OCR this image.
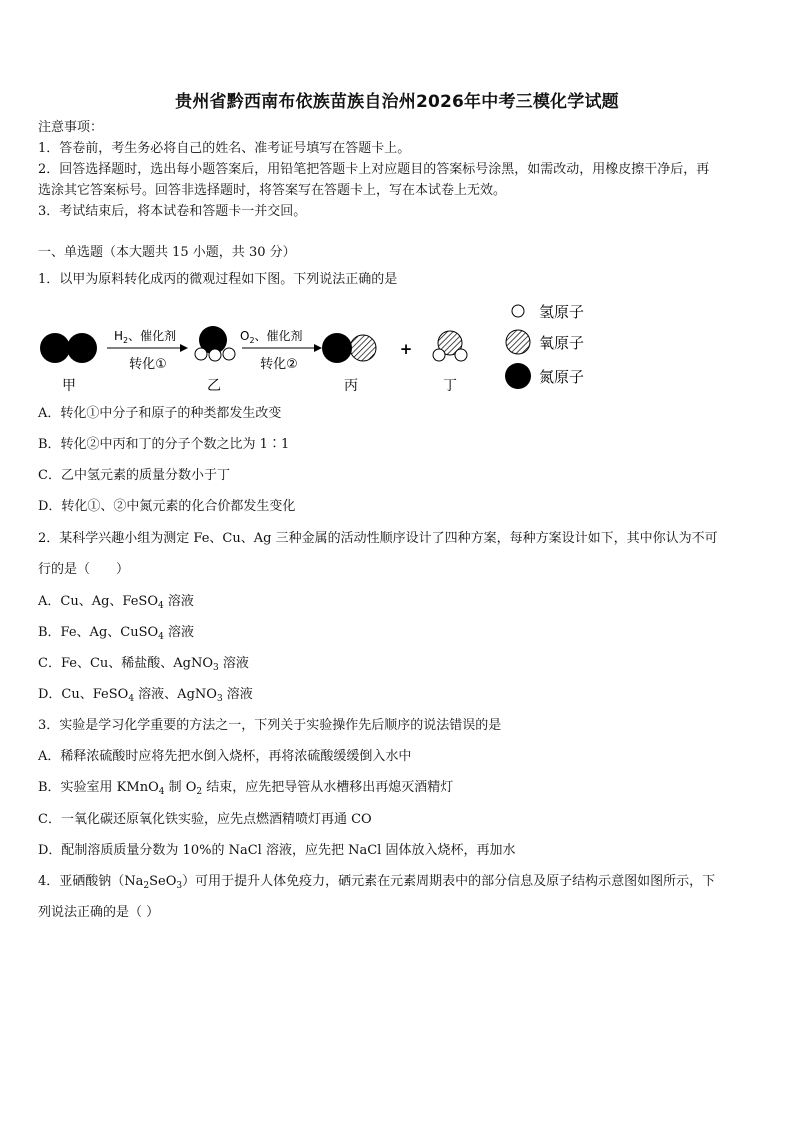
贵州省黔西南布依族苗族自治州2026年中考三模化学试题
注意事项：
1．答卷前，考生务必将自己的姓名、准考证号填写在答题卡上。
2．回答选择题时，选出每小题答案后，用铅笔把答题卡上对应题目的答案标号涂黑，如需改动，用橡皮擦干净后，再
选涂其它答案标号。回答非选择题时，将答案写在答题卡上，写在本试卷上无效。
3．考试结束后，将本试卷和答题卡一并交回。
一、单选题（本大题共 15 小题，共 30 分）
1．以甲为原料转化成丙的微观过程如下图。下列说法正确的是
甲
$H_2$、催化剂
转化①
乙
$O_2$、催化剂
转化②
丙
+
丁
氢原子
氧原子
氮原子
A．转化①中分子和原子的种类都发生改变
B．转化②中丙和丁的分子个数之比为 1∶1
C．乙中氢元素的质量分数小于丁
D．转化①、②中氮元素的化合价都发生变化
2．某科学兴趣小组为测定 Fe、Cu、Ag 三种金属的活动性顺序设计了四种方案，每种方案设计如下，其中你认为不可
行的是（　　）
A．Cu、Ag、FeSO$_4$ 溶液
B．Fe、Ag、CuSO$_4$ 溶液
C．Fe、Cu、稀盐酸、AgNO$_3$ 溶液
D．Cu、FeSO$_4$ 溶液、AgNO$_3$ 溶液
3．实验是学习化学重要的方法之一，下列关于实验操作先后顺序的说法错误的是
A．稀释浓硫酸时应将先把水倒入烧杯，再将浓硫酸缓缓倒入水中
B．实验室用 KMnO$_4$ 制 $O_2$ 结束，应先把导管从水槽移出再熄灭酒精灯
C．一氧化碳还原氧化铁实验，应先点燃酒精喷灯再通 CO
D．配制溶质质量分数为 10%的 NaCl 溶液，应先把 NaCl 固体放入烧杯，再加水
4．亚硒酸钠$(Na_2SeO_3)$可用于提升人体免疫力，硒元素在元素周期表中的部分信息及原子结构示意图如图所示，下
列说法正确的是（ ）
